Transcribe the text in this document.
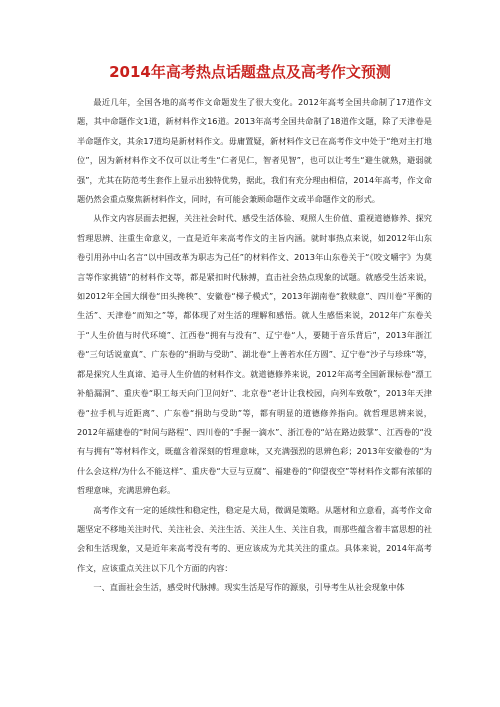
2014年高考热点话题盘点及高考作文预测

最近几年，全国各地的高考作文命题发生了很大变化。2012年高考全国共命制了17道作文题，其中命题作文1道，新材料作文16道。2013年高考全国共命制了18道作文题，除了天津卷是半命题作文，其余17道均是新材料作文。毋庸置疑，新材料作文已在高考作文中处于“绝对主打地位”，因为新材料作文不仅可以让考生“仁者见仁，智者见智”，也可以让考生“避生就熟，避弱就强”，尤其在防范考生套作上显示出独特优势，据此，我们有充分理由相信，2014年高考，作文命题仍然会重点聚焦新材料作文，同时，有可能会兼顾命题作文或半命题作文的形式。

从作文内容层面去把握，关注社会时代、感受生活体验、观照人生价值、重视道德修养、探究哲理思辨、注重生命意义，一直是近年来高考作文的主旨内涵。就时事热点来说，如2012年山东卷引用孙中山名言“以中国改革为职志为己任”的材料作文、2013年山东卷关于“《咬文嚼字》为莫言等作家挑错”的材料作文等，都是紧扣时代脉搏，直击社会热点现象的试题。就感受生活来说，如2012年全国大纲卷“田头搀秧”、安徽卷“梯子模式”，2013年湖南卷“救赎意”、四川卷“平衡的生活”、天津卷“而知之”等，都体现了对生活的理解和感悟。就人生感悟来说，2012年广东卷关于“人生价值与时代环境”、江西卷“拥有与没有”、辽宁卷“人，要随于音乐背后”，2013年浙江卷“三句话说童真”、广东卷的“捐助与受助”、湖北卷“上善若水任方圆”、辽宁卷“沙子与珍珠”等，都是探究人生真谛、追寻人生价值的材料作文。就道德修养来说，2012年高考全国新课标卷“漂工补船漏洞”、重庆卷“职工每天向门卫问好”、北京卷“老计让我校园，向列车致敬”，2013年天津卷“拉手机与近距离”、广东卷“捐助与受助”等，都有明显的道德修养指向。就哲理思辨来说，2012年福建卷的“时间与路程”、四川卷的“手握一滴水”、浙江卷的“站在路边鼓掌”、江西卷的“没有与拥有”等材料作文，既蕴含着深刻的哲理意味，又充满强烈的思辨色彩；2013年安徽卷的“为什么会这样/为什么不能这样”、重庆卷“大豆与豆腐”、福建卷的“仰望夜空”等材料作文都有浓郁的哲理意味，充满思辨色彩。

高考作文有一定的延续性和稳定性，稳定是大局，微调是策略。从题材和立意看，高考作文命题坚定不移地关注时代、关注社会、关注生活、关注人生、关注自我，而那些蕴含着丰富思想的社会和生活现象，又是近年来高考没有考的、更应该成为尤其关注的重点。具体来说，2014年高考作文，应该重点关注以下几个方面的内容：

一、直面社会生活，感受时代脉搏。现实生活是写作的源泉，引导考生从社会现象中体
